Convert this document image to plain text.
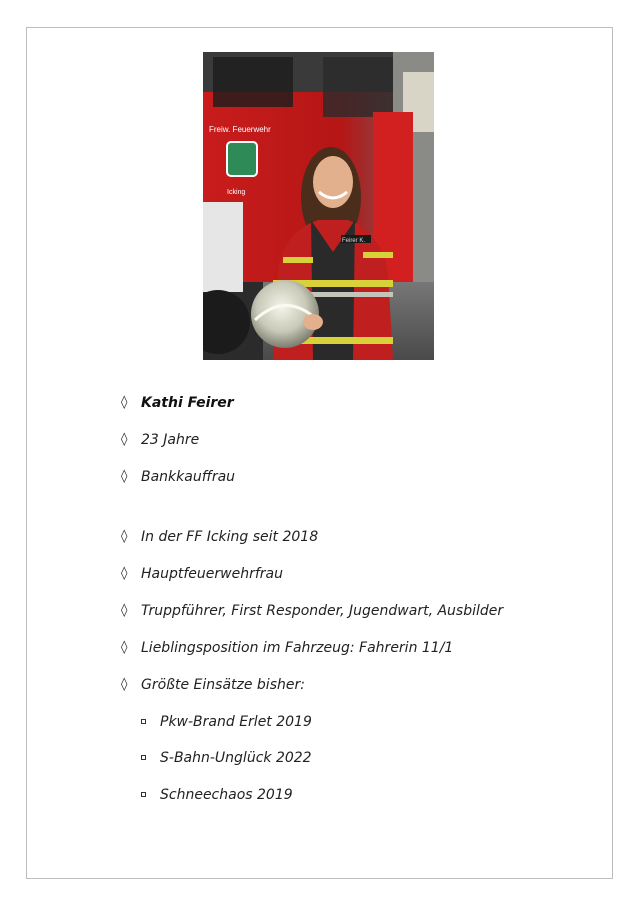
Freiw. Feuerwehr
Icking
Feirer K.
◊ Kathi Feirer
◊ 23 Jahre
◊ Bankkauffrau
◊ In der FF Icking seit 2018
◊ Hauptfeuerwehrfrau
◊ Truppführer, First Responder, Jugendwart, Ausbilder
◊ Lieblingsposition im Fahrzeug: Fahrerin 11/1
◊ Größte Einsätze bisher:
Pkw-Brand Erlet 2019
S-Bahn-Unglück 2022
Schneechaos 2019
